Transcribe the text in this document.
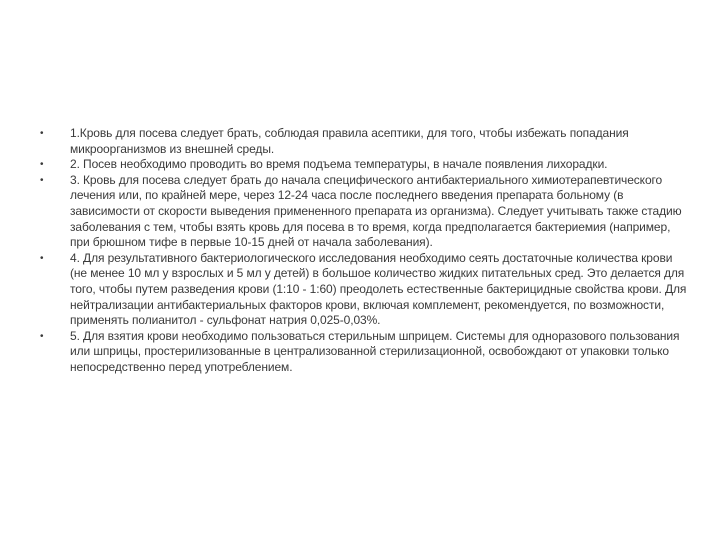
•	1.Кровь для посева следует брать, соблюдая правила асептики, для того, чтобы избежать попадания микроорганизмов из внешней среды.
•	2. Посев необходимо проводить во время подъема температуры, в начале появления лихорадки.
•	3. Кровь для посева следует брать до начала специфического антибактериального химиотерапевтического лечения или, по крайней мере, через 12-24 часа после последнего введения препарата больному (в зависимости от скорости выведения примененного препарата из организма). Следует учитывать также стадию заболевания с тем, чтобы взять кровь для посева в то время, когда предполагается бактериемия (например, при брюшном тифе в первые 10-15 дней от начала заболевания).
•	4. Для результативного бактериологического исследования необходимо сеять достаточные количества крови (не менее 10 мл у взрослых и 5 мл у детей) в большое количество жидких питательных сред. Это делается для того, чтобы путем разведения крови (1:10 - 1:60) преодолеть естественные бактерицидные свойства крови. Для нейтрализации антибактериальных факторов крови, включая комплемент, рекомендуется, по возможности, применять полианитол - сульфонат натрия 0,025-0,03%.
•	5. Для взятия крови необходимо пользоваться стерильным шприцем. Системы для одноразового пользования или шприцы, простерилизованные в централизованной стерилизационной, освобождают от упаковки только непосредственно перед употреблением.
